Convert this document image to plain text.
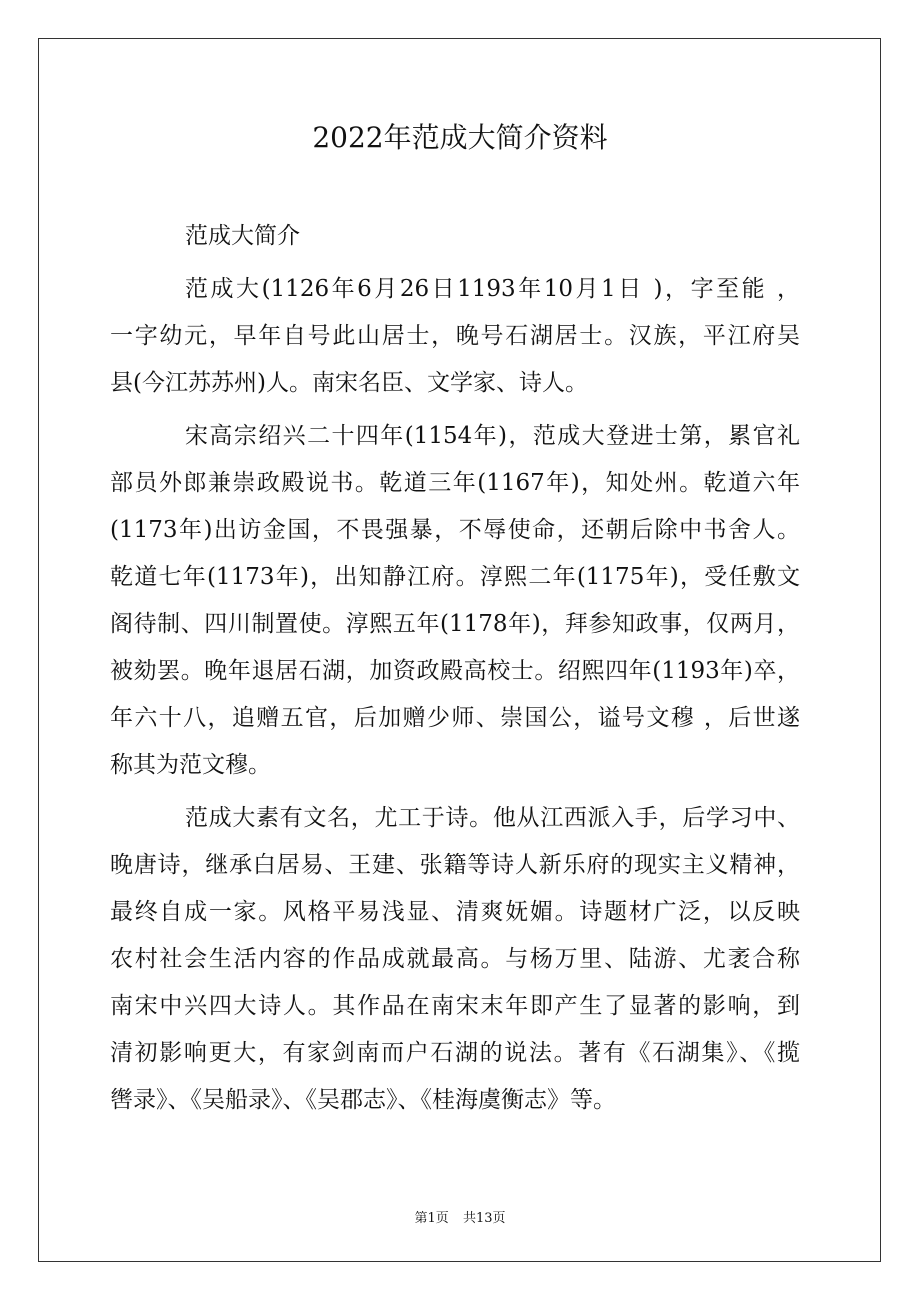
2022年范成大简介资料
范成大简介
范成大(1126年6月26日1193年10月1日 )，字至能 ，
一字幼元，早年自号此山居士，晚号石湖居士。汉族，平江府吴
县(今江苏苏州)人。南宋名臣、文学家、诗人。
宋高宗绍兴二十四年(1154年)，范成大登进士第，累官礼
部员外郎兼崇政殿说书。乾道三年(1167年)，知处州。乾道六年
(1173年)出访金国，不畏强暴，不辱使命，还朝后除中书舍人。
乾道七年(1173年)，出知静江府。淳熙二年(1175年)，受任敷文
阁待制、四川制置使。淳熙五年(1178年)，拜参知政事，仅两月，
被劾罢。晚年退居石湖，加资政殿高校士。绍熙四年(1193年)卒，
年六十八，追赠五官，后加赠少师、崇国公，谥号文穆 ，后世遂
称其为范文穆。
范成大素有文名，尤工于诗。他从江西派入手，后学习中、
晚唐诗，继承白居易、王建、张籍等诗人新乐府的现实主义精神，
最终自成一家。风格平易浅显、清爽妩媚。诗题材广泛，以反映
农村社会生活内容的作品成就最高。与杨万里、陆游、尤袤合称
南宋中兴四大诗人。其作品在南宋末年即产生了显著的影响，到
清初影响更大，有家剑南而户石湖的说法。著有《石湖集》、《揽
辔录》、《吴船录》、《吴郡志》、《桂海虞衡志》等。
第1页 共13页
